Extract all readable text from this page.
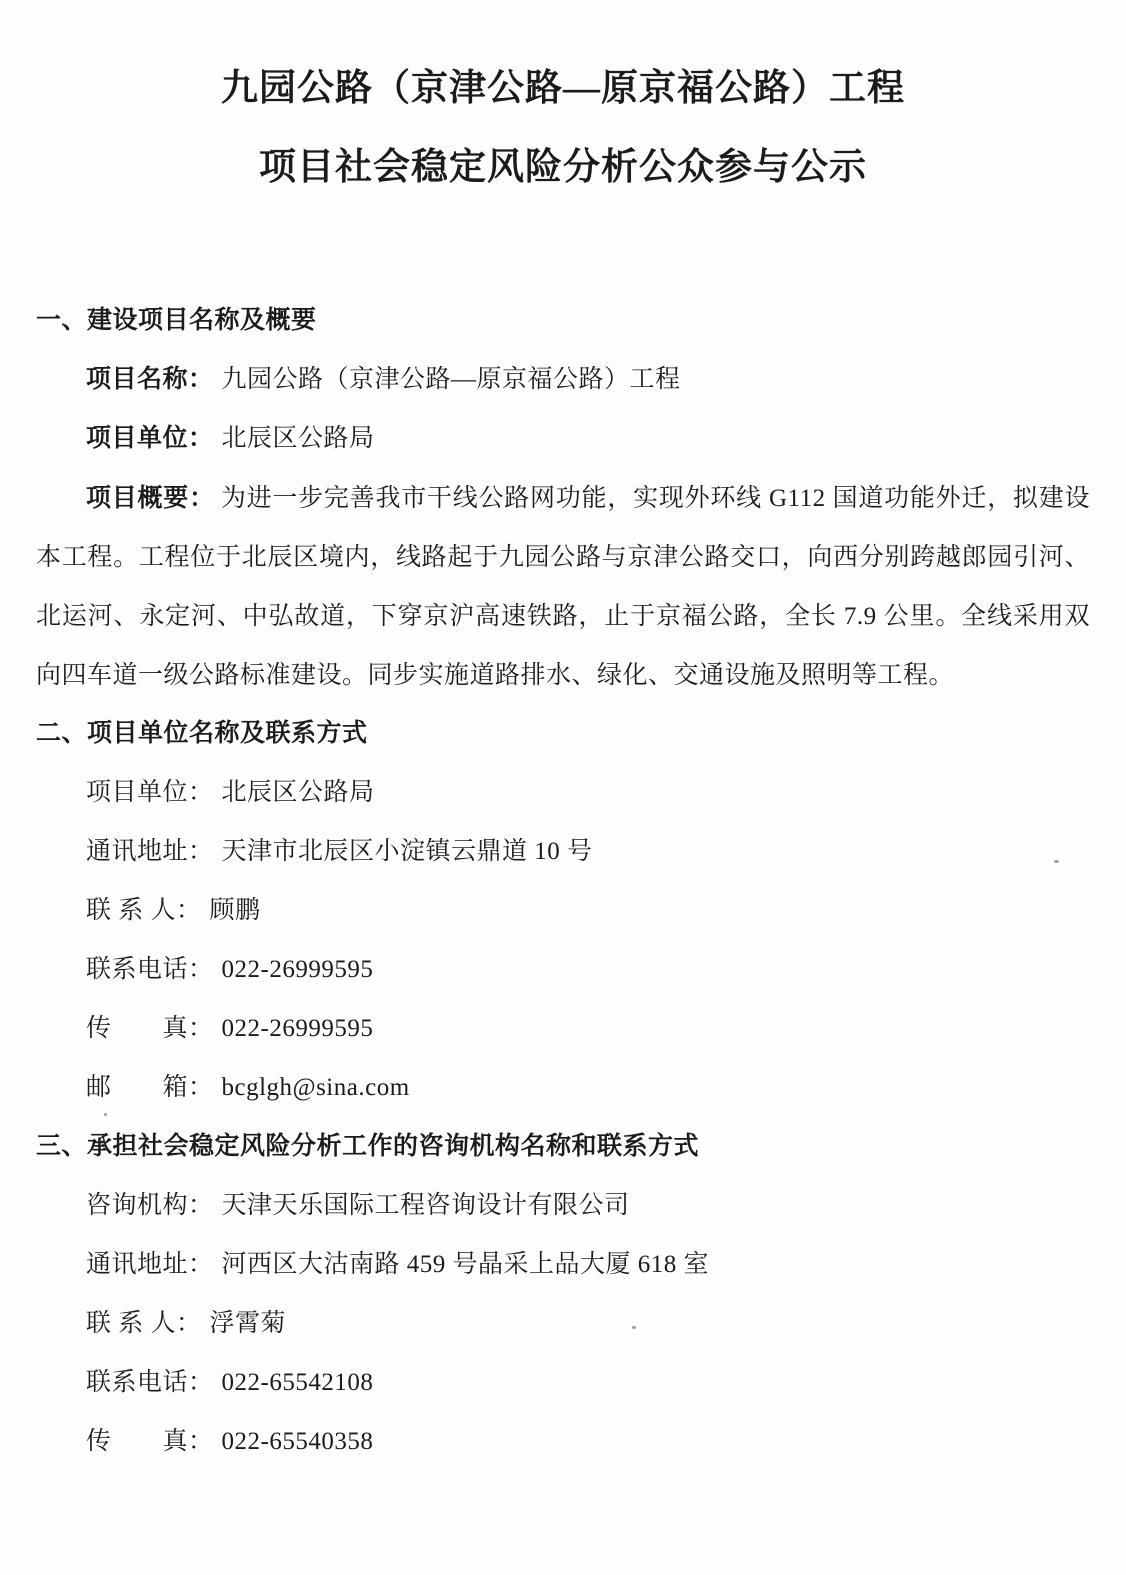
九园公路（京津公路—原京福公路）工程
项目社会稳定风险分析公众参与公示
一、建设项目名称及概要

项目名称： 九园公路（京津公路—原京福公路）工程

项目单位： 北辰区公路局

项目概要： 为进一步完善我市干线公路网功能，实现外环线 G112 国道功能外迁，拟建设本工程。工程位于北辰区境内，线路起于九园公路与京津公路交口，向西分别跨越郎园引河、北运河、永定河、中弘故道，下穿京沪高速铁路，止于京福公路，全长 7.9 公里。全线采用双向四车道一级公路标准建设。同步实施道路排水、绿化、交通设施及照明等工程。

二、项目单位名称及联系方式

项目单位： 北辰区公路局

通讯地址： 天津市北辰区小淀镇云鼎道 10 号

联 系 人： 顾鹏

联系电话： 022-26999595

传　　真： 022-26999595

邮　　箱： bcglgh@sina.com

三、承担社会稳定风险分析工作的咨询机构名称和联系方式

咨询机构： 天津天乐国际工程咨询设计有限公司

通讯地址： 河西区大沽南路 459 号晶采上品大厦 618 室

联 系 人： 浮霄菊

联系电话： 022-65542108

传　　真： 022-65540358
